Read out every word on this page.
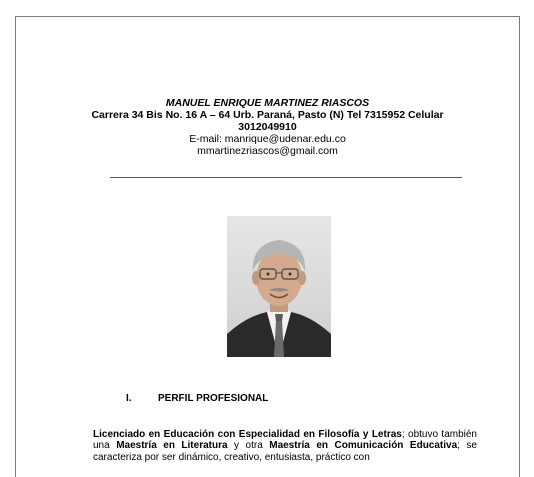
MANUEL ENRIQUE MARTINEZ RIASCOS
Carrera 34 Bis No. 16 A – 64 Urb. Paraná, Pasto (N) Tel 7315952 Celular 3012049910
E-mail: manrique@udenar.edu.co
mmartinezriascos@gmail.com
I.	PERFIL PROFESIONAL
Licenciado en Educación con Especialidad en Filosofía y Letras; obtuvo también una Maestría en Literatura y otra Maestría en Comunicación Educativa; se caracteriza por ser dinámico, creativo, entusiasta, práctico con
